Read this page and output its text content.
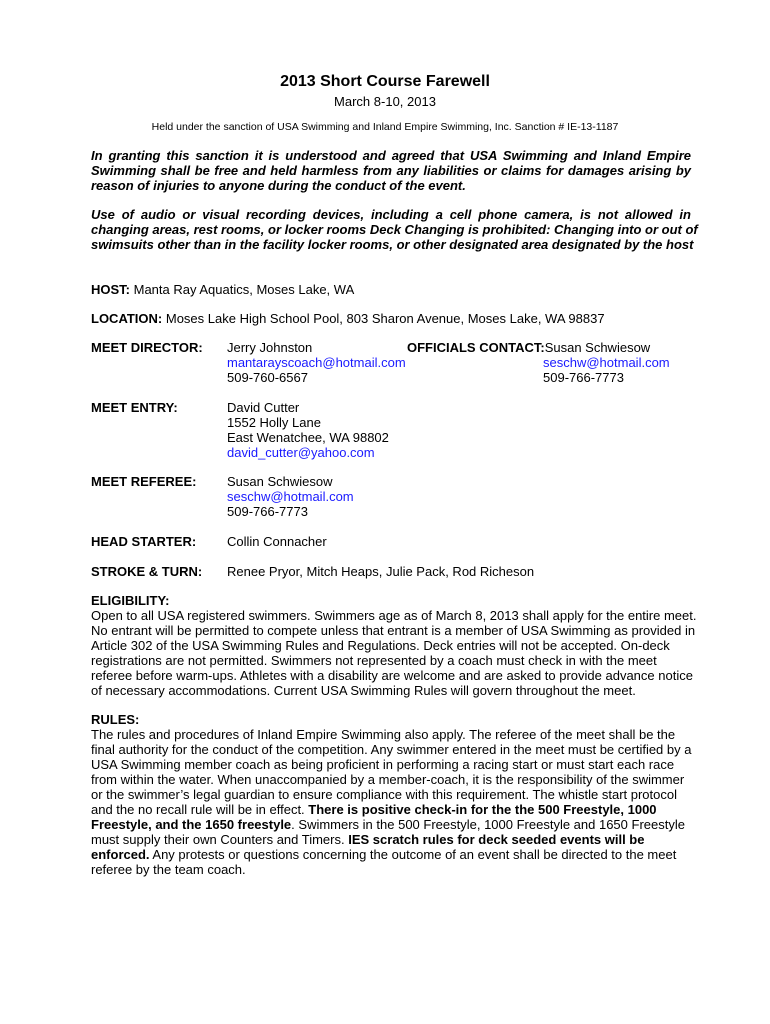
2013 Short Course Farewell
March 8-10, 2013
Held under the sanction of USA Swimming and Inland Empire Swimming, Inc. Sanction # IE-13-1187
In granting this sanction it is understood and agreed that USA Swimming and Inland Empire
Swimming shall be free and held harmless from any liabilities or claims for damages arising by
reason of injuries to anyone during the conduct of the event.
Use of audio or visual recording devices, including a cell phone camera, is not allowed in
changing areas, rest rooms, or locker rooms Deck Changing is prohibited: Changing into or out of
swimsuits other than in the facility locker rooms, or other designated area designated by the host
HOST: Manta Ray Aquatics, Moses Lake, WA
LOCATION: Moses Lake High School Pool, 803 Sharon Avenue, Moses Lake, WA 98837
MEET DIRECTOR: Jerry Johnston
mantarayscoach@hotmail.com
509-760-6567
OFFICIALS CONTACT:Susan Schwiesow
seschw@hotmail.com
509-766-7773
MEET ENTRY:	David Cutter
1552 Holly Lane
East Wenatchee, WA 98802
david_cutter@yahoo.com
MEET REFEREE: Susan Schwiesow
seschw@hotmail.com
509-766-7773
HEAD STARTER: Collin Connacher
STROKE & TURN: Renee Pryor, Mitch Heaps, Julie Pack, Rod Richeson
ELIGIBILITY:
Open to all USA registered swimmers. Swimmers age as of March 8, 2013 shall apply for the entire meet.
No entrant will be permitted to compete unless that entrant is a member of USA Swimming as provided in
Article 302 of the USA Swimming Rules and Regulations. Deck entries will not be accepted. On-deck
registrations are not permitted. Swimmers not represented by a coach must check in with the meet
referee before warm-ups. Athletes with a disability are welcome and are asked to provide advance notice
of necessary accommodations. Current USA Swimming Rules will govern throughout the meet.
RULES:
The rules and procedures of Inland Empire Swimming also apply. The referee of the meet shall be the
final authority for the conduct of the competition. Any swimmer entered in the meet must be certified by a
USA Swimming member coach as being proficient in performing a racing start or must start each race
from within the water. When unaccompanied by a member-coach, it is the responsibility of the swimmer
or the swimmer’s legal guardian to ensure compliance with this requirement. The whistle start protocol
and the no recall rule will be in effect. There is positive check-in for the the 500 Freestyle, 1000
Freestyle, and the 1650 freestyle. Swimmers in the 500 Freestyle, 1000 Freestyle and 1650 Freestyle
must supply their own Counters and Timers. IES scratch rules for deck seeded events will be
enforced. Any protests or questions concerning the outcome of an event shall be directed to the meet
referee by the team coach.
